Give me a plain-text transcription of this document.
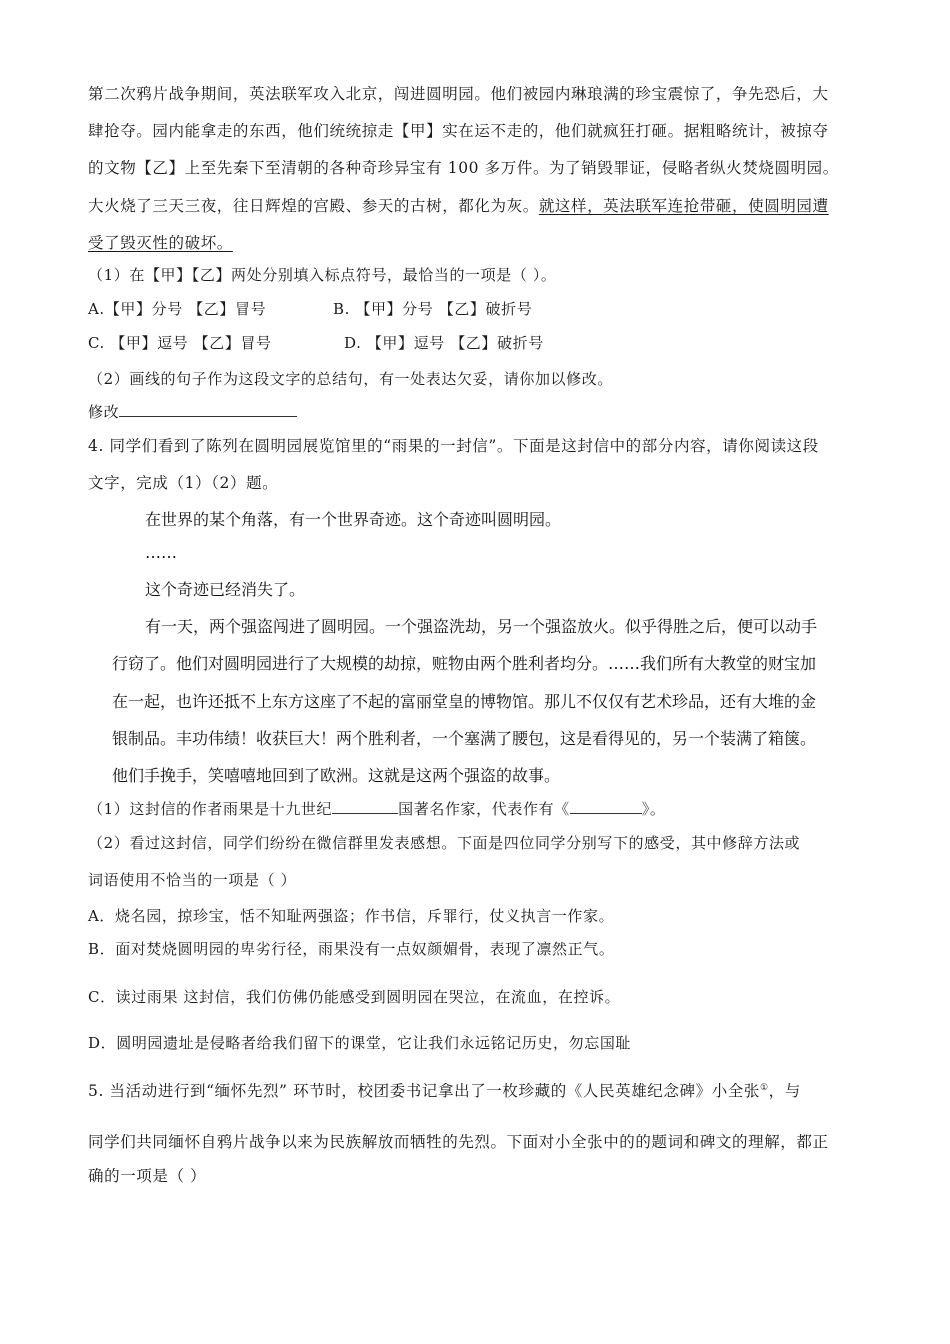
第二次鸦片战争期间，英法联军攻入北京，闯进圆明园。他们被园内琳琅满的珍宝震惊了，争先恐后，大
肆抢夺。园内能拿走的东西，他们统统掠走【甲】实在运不走的，他们就疯狂打砸。据粗略统计，被掠夺
的文物【乙】上至先秦下至清朝的各种奇珍异宝有 100 多万件。为了销毁罪证，侵略者纵火焚烧圆明园。
大火烧了三天三夜，往日辉煌的宫殿、参天的古树，都化为灰。就这样，英法联军连抢带砸，使圆明园遭
受了毁灭性的破坏。
（1）在【甲】【乙】两处分别填入标点符号，最恰当的一项是（ ）。
A.【甲】分号 【乙】冒号	B. 【甲】分号 【乙】破折号
C. 【甲】逗号 【乙】冒号	D. 【甲】逗号 【乙】破折号
（2）画线的句子作为这段文字的总结句，有一处表达欠妥，请你加以修改。
修改
4. 同学们看到了陈列在圆明园展览馆里的“雨果的一封信”。下面是这封信中的部分内容，请你阅读这段
文字，完成（1）（2）题。
在世界的某个角落，有一个世界奇迹。这个奇迹叫圆明园。
……
这个奇迹已经消失了。
有一天，两个强盗闯进了圆明园。一个强盗洗劫，另一个强盗放火。似乎得胜之后，便可以动手
行窃了。他们对圆明园进行了大规模的劫掠，赃物由两个胜利者均分。……我们所有大教堂的财宝加
在一起，也许还抵不上东方这座了不起的富丽堂皇的博物馆。那儿不仅仅有艺术珍品，还有大堆的金
银制品。丰功伟绩！收获巨大！两个胜利者，一个塞满了腰包，这是看得见的，另一个装满了箱箧。
他们手挽手，笑嘻嘻地回到了欧洲。这就是这两个强盗的故事。
（1）这封信的作者雨果是十九世纪	国著名作家，代表作有《	》。
（2）看过这封信，同学们纷纷在微信群里发表感想。下面是四位同学分别写下的感受，其中修辞方法或
词语使用不恰当的一项是（ ）
A．烧名园，掠珍宝，恬不知耻两强盗；作书信，斥罪行，仗义执言一作家。
B．面对焚烧圆明园的卑劣行径，雨果没有一点奴颜媚骨，表现了凛然正气。
C．读过雨果 这封信，我们仿佛仍能感受到圆明园在哭泣，在流血，在控诉。
D．圆明园遗址是侵略者给我们留下的课堂，它让我们永远铭记历史，勿忘国耻
5. 当活动进行到“缅怀先烈” 环节时，校团委书记拿出了一枚珍藏的《人民英雄纪念碑》小全张①，与
同学们共同缅怀自鸦片战争以来为民族解放而牺牲的先烈。下面对小全张中的的题词和碑文的理解，都正
确的一项是（ ）
